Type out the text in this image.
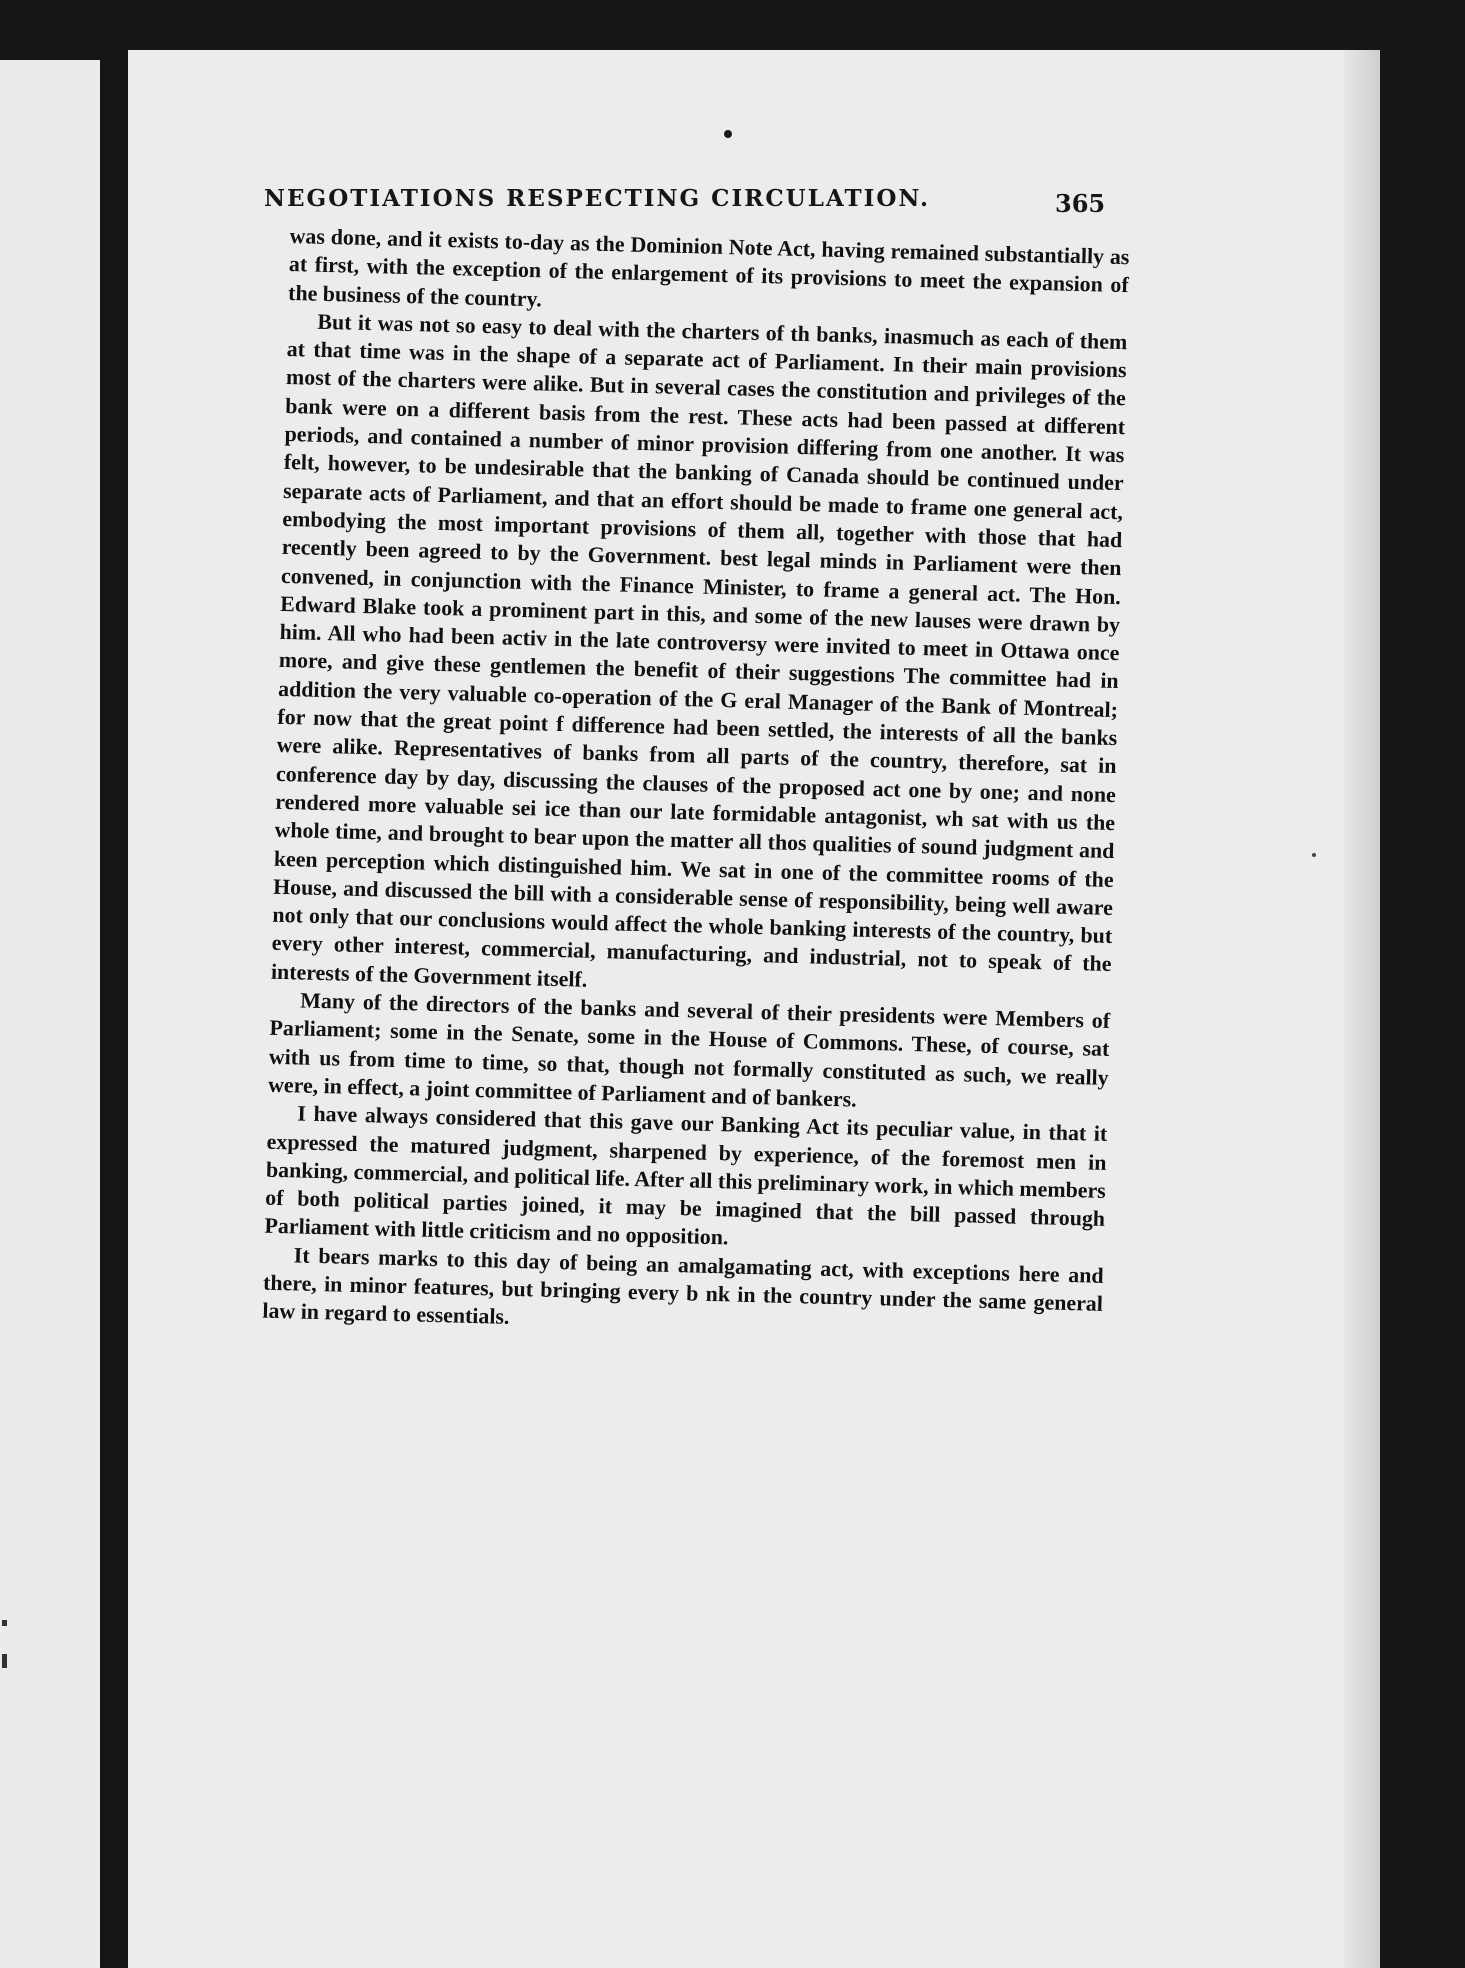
NEGOTIATIONS RESPECTING CIRCULATION.	365

was done, and it exists to-day as the Dominion Note Act, having remained substantially as at first, with the exception of the enlargement of its provisions to meet the expansion of the business of the country.

But it was not so easy to deal with the charters of th banks, inasmuch as each of them at that time was in the shape of a separate act of Parliament. In their main provisions most of the charters were alike. But in several cases the constitution and privileges of the bank were on a different basis from the rest. These acts had been passed at different periods, and contained a number of minor provision differing from one another. It was felt, however, to be undesirable that the banking of Canada should be continued under separate acts of Parliament, and that an effort should be made to frame one general act, embodying the most important provisions of them all, together with those that had recently been agreed to by the Government. best legal minds in Parliament were then convened, in conjunction with the Finance Minister, to frame a general act. The Hon. Edward Blake took a prominent part in this, and some of the new lauses were drawn by him. All who had been activ in the late controversy were invited to meet in Ottawa once more, and give these gentlemen the benefit of their suggestions The committee had in addition the very valuable co-operation of the G eral Manager of the Bank of Montreal; for now that the great point f difference had been settled, the interests of all the banks were alike. Representatives of banks from all parts of the country, therefore, sat in conference day by day, discussing the clauses of the proposed act one by one; and none rendered more valuable sei ice than our late formidable antagonist, wh sat with us the whole time, and brought to bear upon the matter all thos qualities of sound judgment and keen perception which distinguished him. We sat in one of the committee rooms of the House, and discussed the bill with a considerable sense of responsibility, being well aware not only that our conclusions would affect the whole banking interests of the country, but every other interest, commercial, manufacturing, and industrial, not to speak of the interests of the Government itself.

Many of the directors of the banks and several of their presidents were Members of Parliament; some in the Senate, some in the House of Commons. These, of course, sat with us from time to time, so that, though not formally constituted as such, we really were, in effect, a joint committee of Parliament and of bankers.

I have always considered that this gave our Banking Act its peculiar value, in that it expressed the matured judgment, sharpened by experience, of the foremost men in banking, commercial, and political life. After all this preliminary work, in which members of both political parties joined, it may be imagined that the bill passed through Parliament with little criticism and no opposition.

It bears marks to this day of being an amalgamating act, with exceptions here and there, in minor features, but bringing every b nk in the country under the same general law in regard to essentials.
